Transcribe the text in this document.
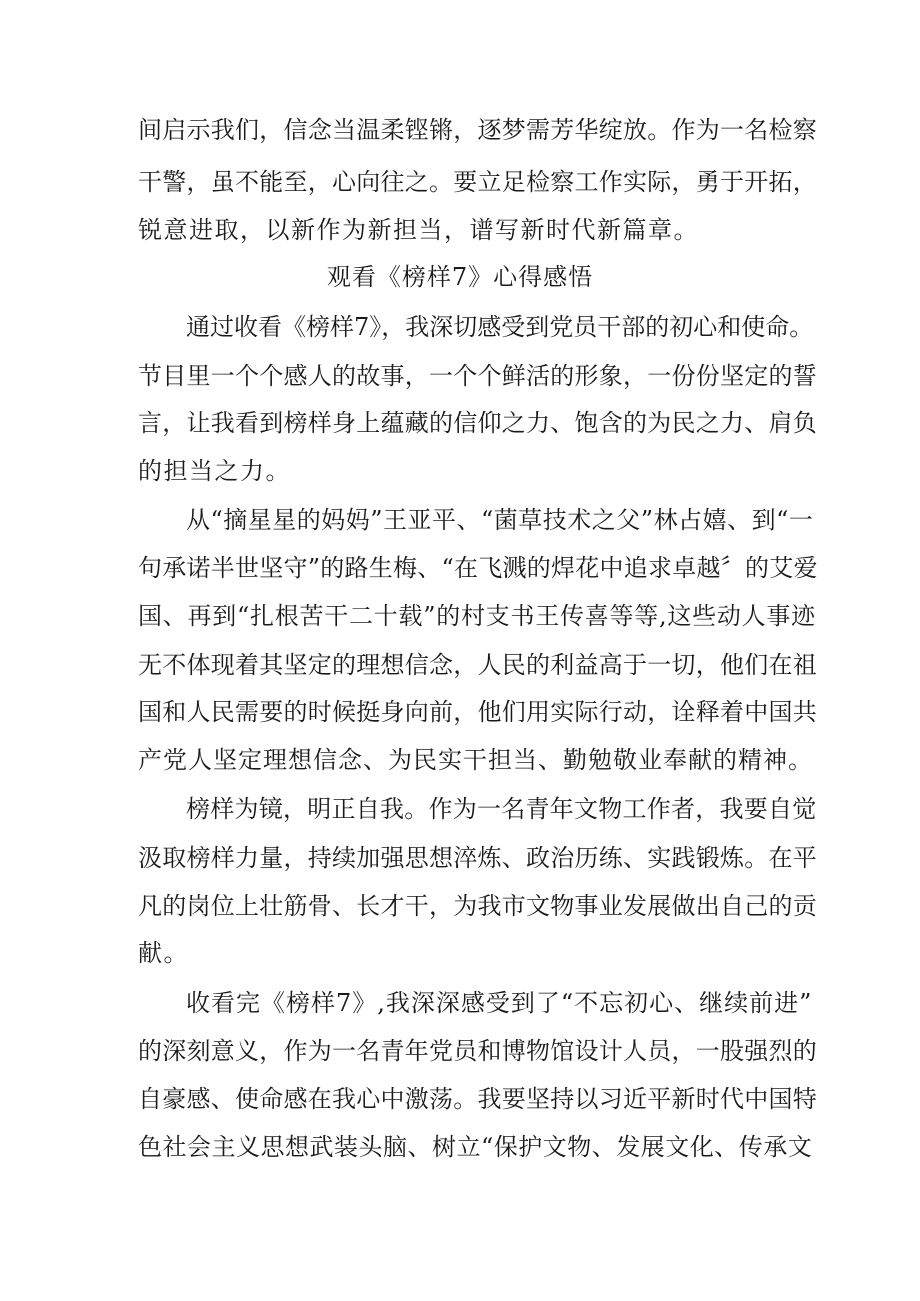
间启示我们，信念当温柔铿锵，逐梦需芳华绽放。作为一名检察
干警，虽不能至，心向往之。要立足检察工作实际，勇于开拓，
锐意进取，以新作为新担当，谱写新时代新篇章。
观看《榜样7》心得感悟
通过收看《榜样7》，我深切感受到党员干部的初心和使命。
节目里一个个感人的故事，一个个鲜活的形象，一份份坚定的誓
言，让我看到榜样身上蕴藏的信仰之力、饱含的为民之力、肩负
的担当之力。
从“摘星星的妈妈”王亚平、“菌草技术之父”林占嬉、到“一
句承诺半世坚守”的路生梅、“在飞溅的焊花中追求卓越〞的艾爱
国、再到“扎根苦干二十载”的村支书王传喜等等,这些动人事迹
无不体现着其坚定的理想信念，人民的利益高于一切，他们在祖
国和人民需要的时候挺身向前，他们用实际行动，诠释着中国共
产党人坚定理想信念、为民实干担当、勤勉敬业奉献的精神。
榜样为镜，明正自我。作为一名青年文物工作者，我要自觉
汲取榜样力量，持续加强思想淬炼、政治历练、实践锻炼。在平
凡的岗位上壮筋骨、长才干，为我市文物事业发展做出自己的贡
献。
收看完《榜样7》,我深深感受到了“不忘初心、继续前进”
的深刻意义，作为一名青年党员和博物馆设计人员，一股强烈的
自豪感、使命感在我心中激荡。我要坚持以习近平新时代中国特
色社会主义思想武装头脑、树立“保护文物、发展文化、传承文
